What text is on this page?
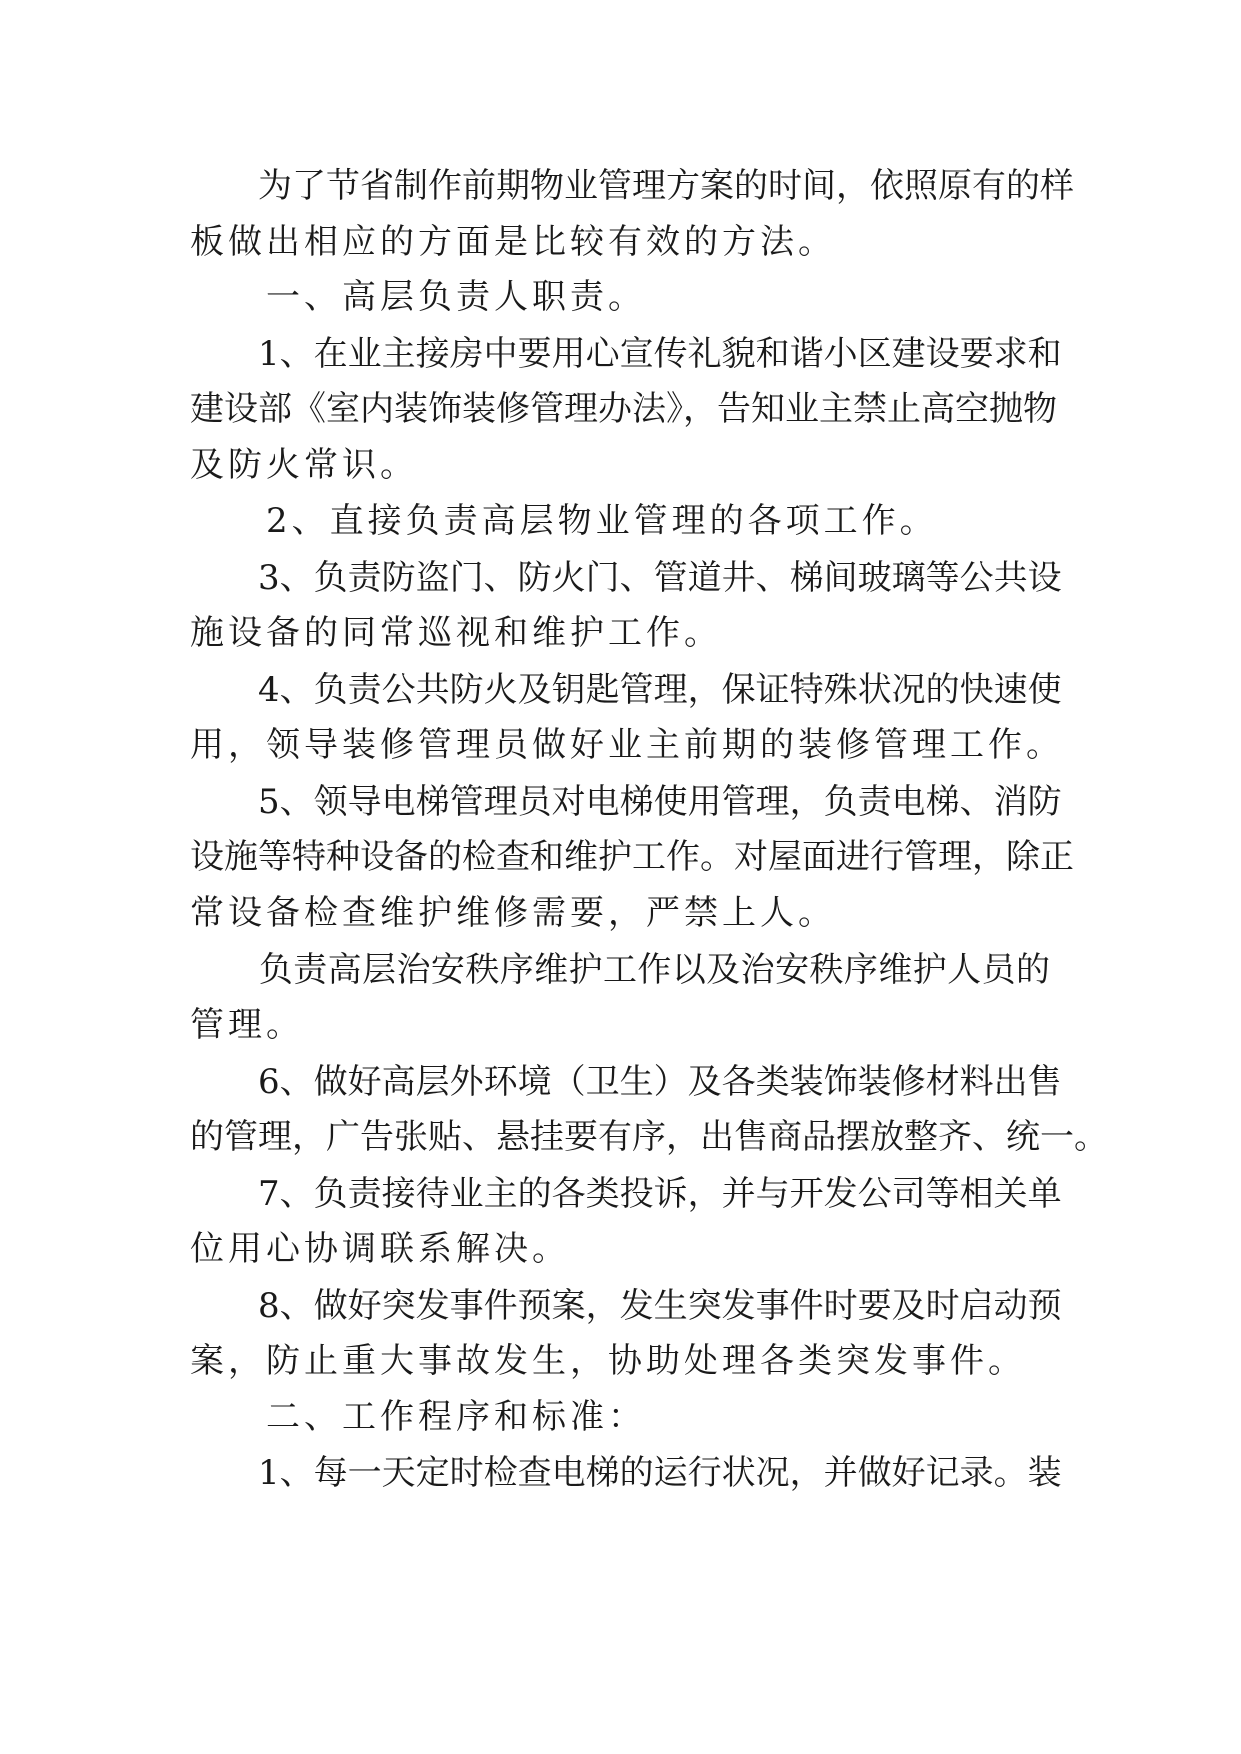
　　为了节省制作前期物业管理方案的时间，依照原有的样
板做出相应的方面是比较有效的方法。
　　一、高层负责人职责。
　　1、在业主接房中要用心宣传礼貌和谐小区建设要求和
建设部《室内装饰装修管理办法》，告知业主禁止高空抛物
及防火常识。
　　2、直接负责高层物业管理的各项工作。
　　3、负责防盗门、防火门、管道井、梯间玻璃等公共设
施设备的同常巡视和维护工作。
　　4、负责公共防火及钥匙管理，保证特殊状况的快速使
用，领导装修管理员做好业主前期的装修管理工作。
　　5、领导电梯管理员对电梯使用管理，负责电梯、消防
设施等特种设备的检查和维护工作。对屋面进行管理，除正
常设备检查维护维修需要，严禁上人。
　　负责高层治安秩序维护工作以及治安秩序维护人员的
管理。
　　6、做好高层外环境（卫生）及各类装饰装修材料出售
的管理，广告张贴、悬挂要有序，出售商品摆放整齐、统一。
　　7、负责接待业主的各类投诉，并与开发公司等相关单
位用心协调联系解决。
　　8、做好突发事件预案，发生突发事件时要及时启动预
案，防止重大事故发生，协助处理各类突发事件。
　　二、工作程序和标准：
　　1、每一天定时检查电梯的运行状况，并做好记录。装
